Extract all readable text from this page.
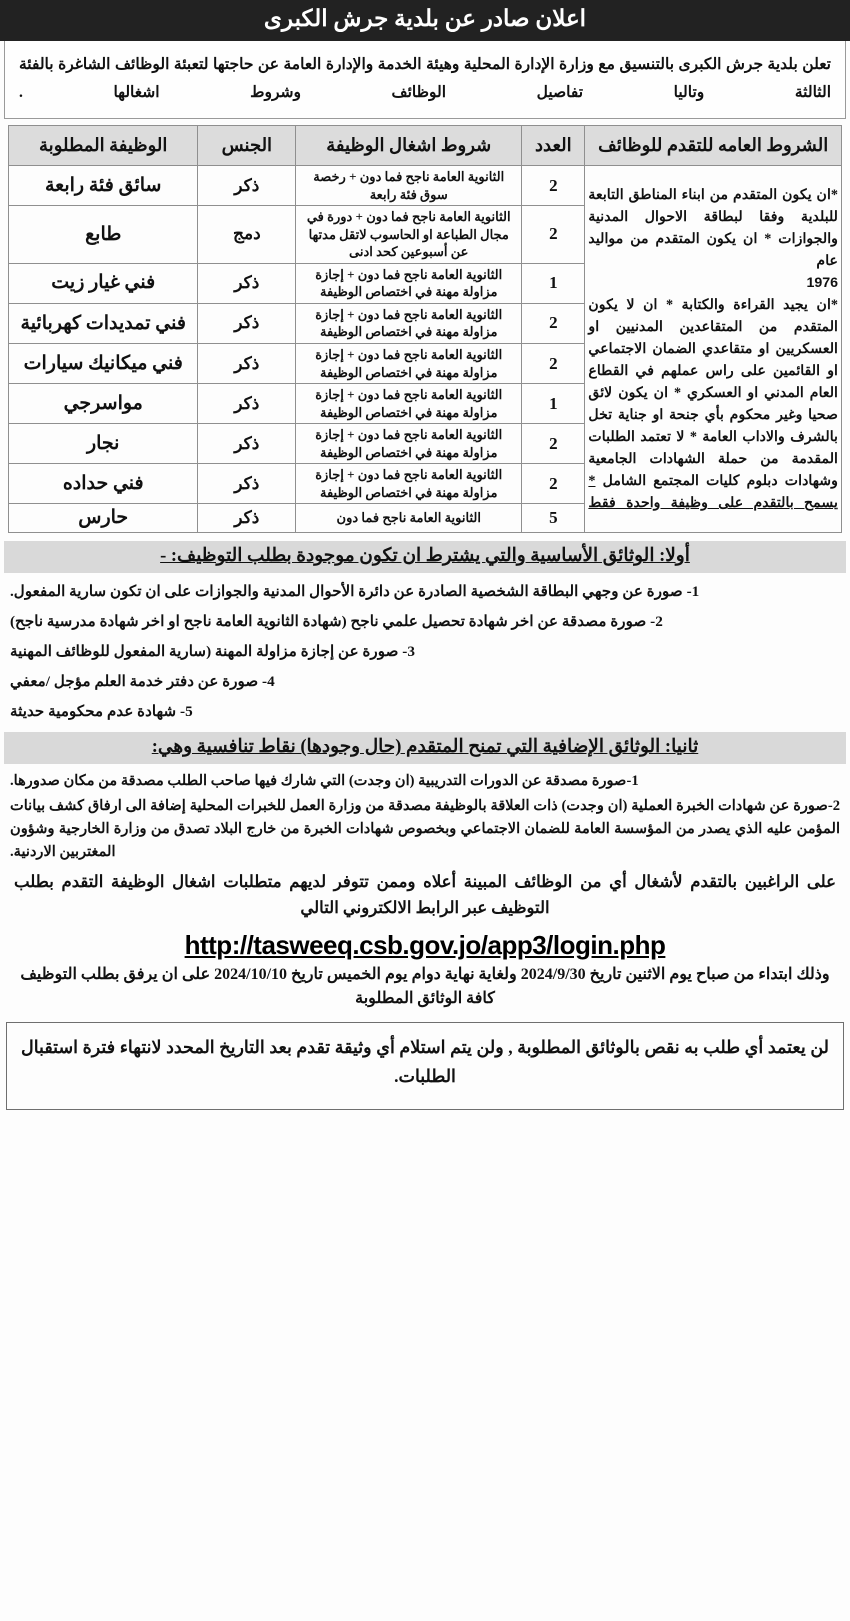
اعلان صادر عن بلدية جرش الكبرى
تعلن بلدية جرش الكبرى بالتنسيق مع وزارة الإدارة المحلية وهيئة الخدمة والإدارة العامة عن حاجتها لتعبئة الوظائف الشاغرة بالفئة الثالثة وتاليا تفاصيل الوظائف وشروط اشغالها .
الشروط العامه للتقدم للوظائف	العدد	شروط اشغال الوظيفة	الجنس	الوظيفة المطلوبة

*ان يكون المتقدم من ابناء المناطق التابعة للبلدية وفقا لبطاقة الاحوال المدنية والجوازات * ان يكون المتقدم من مواليد عام
1976
*ان يجيد القراءة والكتابة * ان لا يكون المتقدم من المتقاعدين المدنيين او العسكريين او متقاعدي الضمان الاجتماعي او القائمين على راس عملهم في القطاع العام المدني او العسكري * ان يكون لائق صحيا وغير محكوم بأي جنحة او جناية تخل بالشرف والاداب العامة * لا تعتمد الطلبات المقدمة من حملة الشهادات الجامعية وشهادات دبلوم كليات المجتمع الشامل * يسمح بالتقدم على وظيفة واحدة فقط	2	الثانوية العامة ناجح فما دون + رخصة سوق فئة رابعة	ذكر	سائق فئة رابعة
	2	الثانوية العامة ناجح فما دون + دورة في مجال الطباعة او الحاسوب لاتقل مدتها عن أسبوعين كحد ادنى	دمج	طابع
	1	الثانوية العامة ناجح فما دون + إجازة مزاولة مهنة في اختصاص الوظيفة	ذكر	فني غيار زيت
	2	الثانوية العامة ناجح فما دون + إجازة مزاولة مهنة في اختصاص الوظيفة	ذكر	فني تمديدات كهربائية
	2	الثانوية العامة ناجح فما دون + إجازة مزاولة مهنة في اختصاص الوظيفة	ذكر	فني ميكانيك سيارات
	1	الثانوية العامة ناجح فما دون + إجازة مزاولة مهنة في اختصاص الوظيفة	ذكر	مواسرجي
	2	الثانوية العامة ناجح فما دون + إجازة مزاولة مهنة في اختصاص الوظيفة	ذكر	نجار
	2	الثانوية العامة ناجح فما دون + إجازة مزاولة مهنة في اختصاص الوظيفة	ذكر	فني حداده
	5	الثانوية العامة ناجح فما دون	ذكر	حارس
أولا: الوثائق الأساسية والتي يشترط ان تكون موجودة بطلب التوظيف: -
1- صورة عن وجهي البطاقة الشخصية الصادرة عن دائرة الأحوال المدنية والجوازات على ان تكون سارية المفعول.
2- صورة مصدقة عن اخر شهادة تحصيل علمي ناجح (شهادة الثانوية العامة ناجح او اخر شهادة مدرسية ناجح)
3- صورة عن إجازة مزاولة المهنة (سارية المفعول للوظائف المهنية
4- صورة عن دفتر خدمة العلم مؤجل /معفي
5- شهادة عدم محكومية حديثة
ثانيا: الوثائق الإضافية التي تمنح المتقدم (حال وجودها) نقاط تنافسية وهي:
1-صورة مصدقة عن الدورات التدريبية (ان وجدت) التي شارك فيها صاحب الطلب مصدقة من مكان صدورها.
2-صورة عن شهادات الخبرة العملية (ان وجدت) ذات العلاقة بالوظيفة مصدقة من وزارة العمل للخبرات المحلية إضافة الى ارفاق كشف بيانات المؤمن عليه الذي يصدر من المؤسسة العامة للضمان الاجتماعي وبخصوص شهادات الخبرة من خارج البلاد تصدق من وزارة الخارجية وشؤون المغتربين الاردنية.
على الراغبين بالتقدم لأشغال أي من الوظائف المبينة أعلاه وممن تتوفر لديهم متطلبات اشغال الوظيفة التقدم بطلب التوظيف عبر الرابط الالكتروني التالي
http://tasweeq.csb.gov.jo/app3/login.php
وذلك ابتداء من صباح يوم الاثنين تاريخ 2024/9/30 ولغاية نهاية دوام يوم الخميس تاريخ 2024/10/10 على ان يرفق بطلب التوظيف كافة الوثائق المطلوبة
لن يعتمد أي طلب به نقص بالوثائق المطلوبة , ولن يتم استلام أي وثيقة تقدم بعد التاريخ المحدد لانتهاء فترة استقبال الطلبات.
